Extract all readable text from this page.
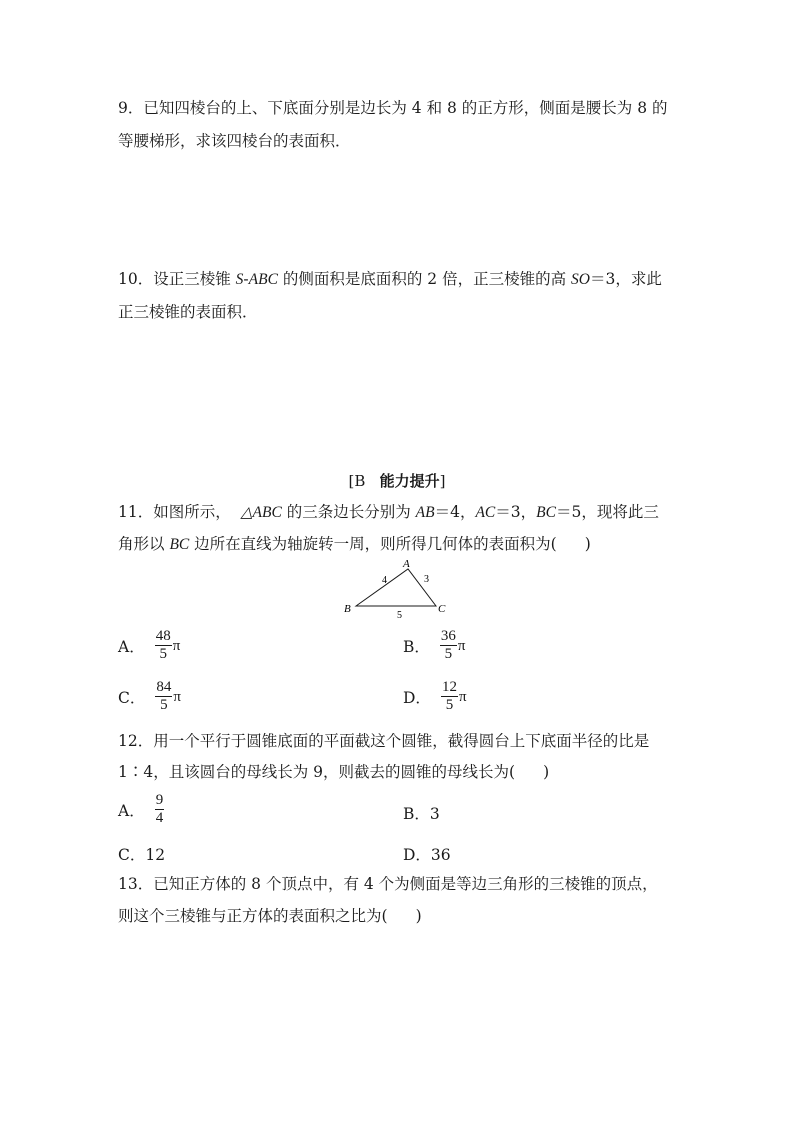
9．已知四棱台的上、下底面分别是边长为 4 和 8 的正方形，侧面是腰长为 8 的
等腰梯形，求该四棱台的表面积．
10．设正三棱锥 S-ABC 的侧面积是底面积的 2 倍，正三棱锥的高 SO＝3，求此
正三棱锥的表面积．
[B 能力提升]
11．如图所示， △ABC 的三条边长分别为 AB＝4，AC＝3，BC＝5，现将此三
角形以 BC 边所在直线为轴旋转一周，则所得几何体的表面积为( )
A
B	C
4	3
5
A． $\frac{48}{5}$ π	B． $\frac{36}{5}$ π
C． $\frac{84}{5}$ π	D． $\frac{12}{5}$ π
12．用一个平行于圆锥底面的平面截这个圆锥，截得圆台上下底面半径的比是
1∶4，且该圆台的母线长为 9，则截去的圆锥的母线长为( )
A． $\frac{9}{4}$	B．3
C．12	D．36
13．已知正方体的 8 个顶点中，有 4 个为侧面是等边三角形的三棱锥的顶点，
则这个三棱锥与正方体的表面积之比为( )
